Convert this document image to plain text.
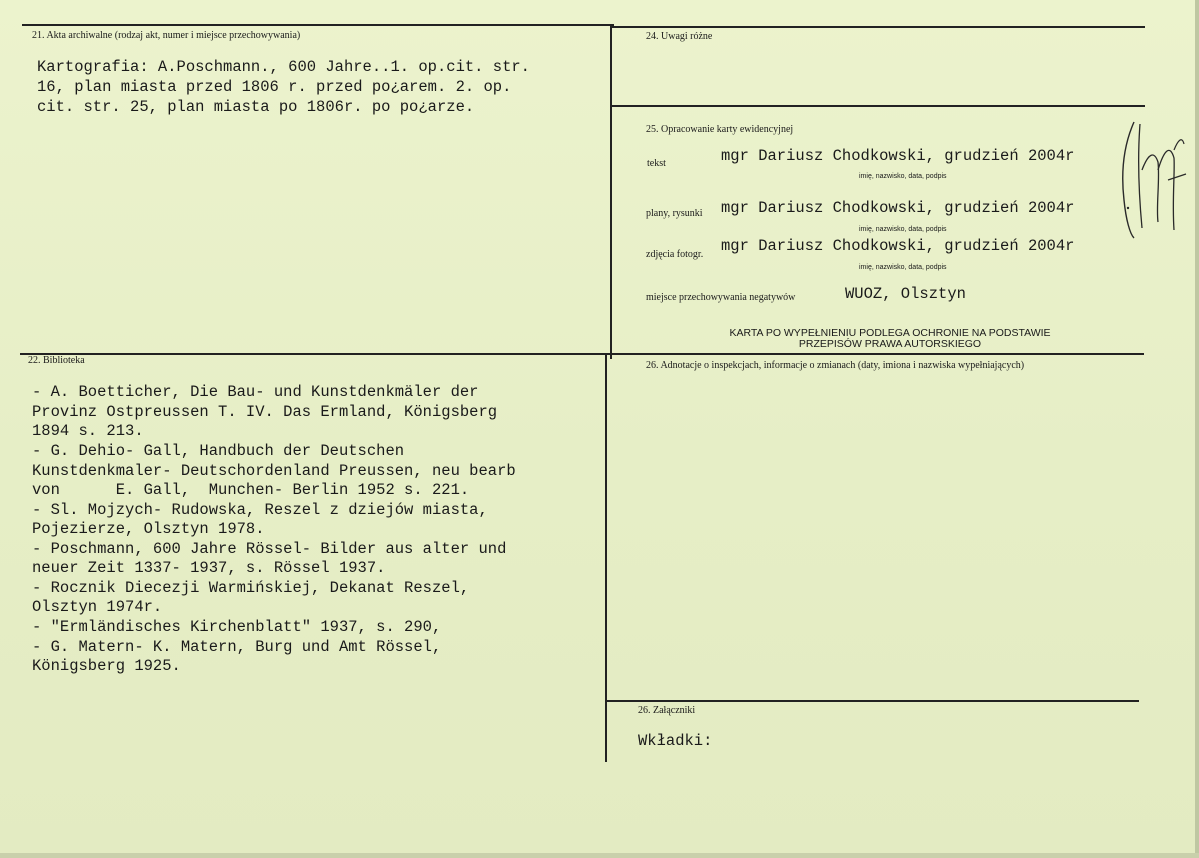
21. Akta archiwalne (rodzaj akt, numer i miejsce przechowywania)
Kartografia: A.Poschmann., 600 Jahre..1. op.cit. str.
16, plan miasta przed 1806 r. przed po¿arem. 2. op.
cit. str. 25, plan miasta po 1806r. po po¿arze.
24. Uwagi różne
25. Opracowanie karty ewidencyjnej
tekst	mgr Dariusz Chodkowski, grudzień 2004r
imię, nazwisko, data, podpis
plany, rysunki mgr Dariusz Chodkowski, grudzień 2004r
imię, nazwisko, data, podpis
zdjęcia fotogr. mgr Dariusz Chodkowski, grudzień 2004r
imię, nazwisko, data, podpis
miejsce przechowywania negatywów	WUOZ, Olsztyn
KARTA PO WYPEŁNIENIU PODLEGA OCHRONIE NA PODSTAWIE
PRZEPISÓW PRAWA AUTORSKIEGO
22. Biblioteka
- A. Boetticher, Die Bau- und Kunstdenkmäler der
Provinz Ostpreussen T. IV. Das Ermland, Königsberg
1894 s. 213.
- G. Dehio- Gall, Handbuch der Deutschen
Kunstdenkmaler- Deutschordenland Preussen, neu bearb
von      E. Gall,  Munchen- Berlin 1952 s. 221.
- Sl. Mojzych- Rudowska, Reszel z dziejów miasta,
Pojezierze, Olsztyn 1978.
- Poschmann, 600 Jahre Rössel- Bilder aus alter und
neuer Zeit 1337- 1937, s. Rössel 1937.
- Rocznik Diecezji Warmińskiej, Dekanat Reszel,
Olsztyn 1974r.
- "Ermländisches Kirchenblatt" 1937, s. 290,
- G. Matern- K. Matern, Burg und Amt Rössel,
Königsberg 1925.
26. Adnotacje o inspekcjach, informacje o zmianach (daty, imiona i nazwiska wypełniających)
26. Załączniki
Wkładki:
